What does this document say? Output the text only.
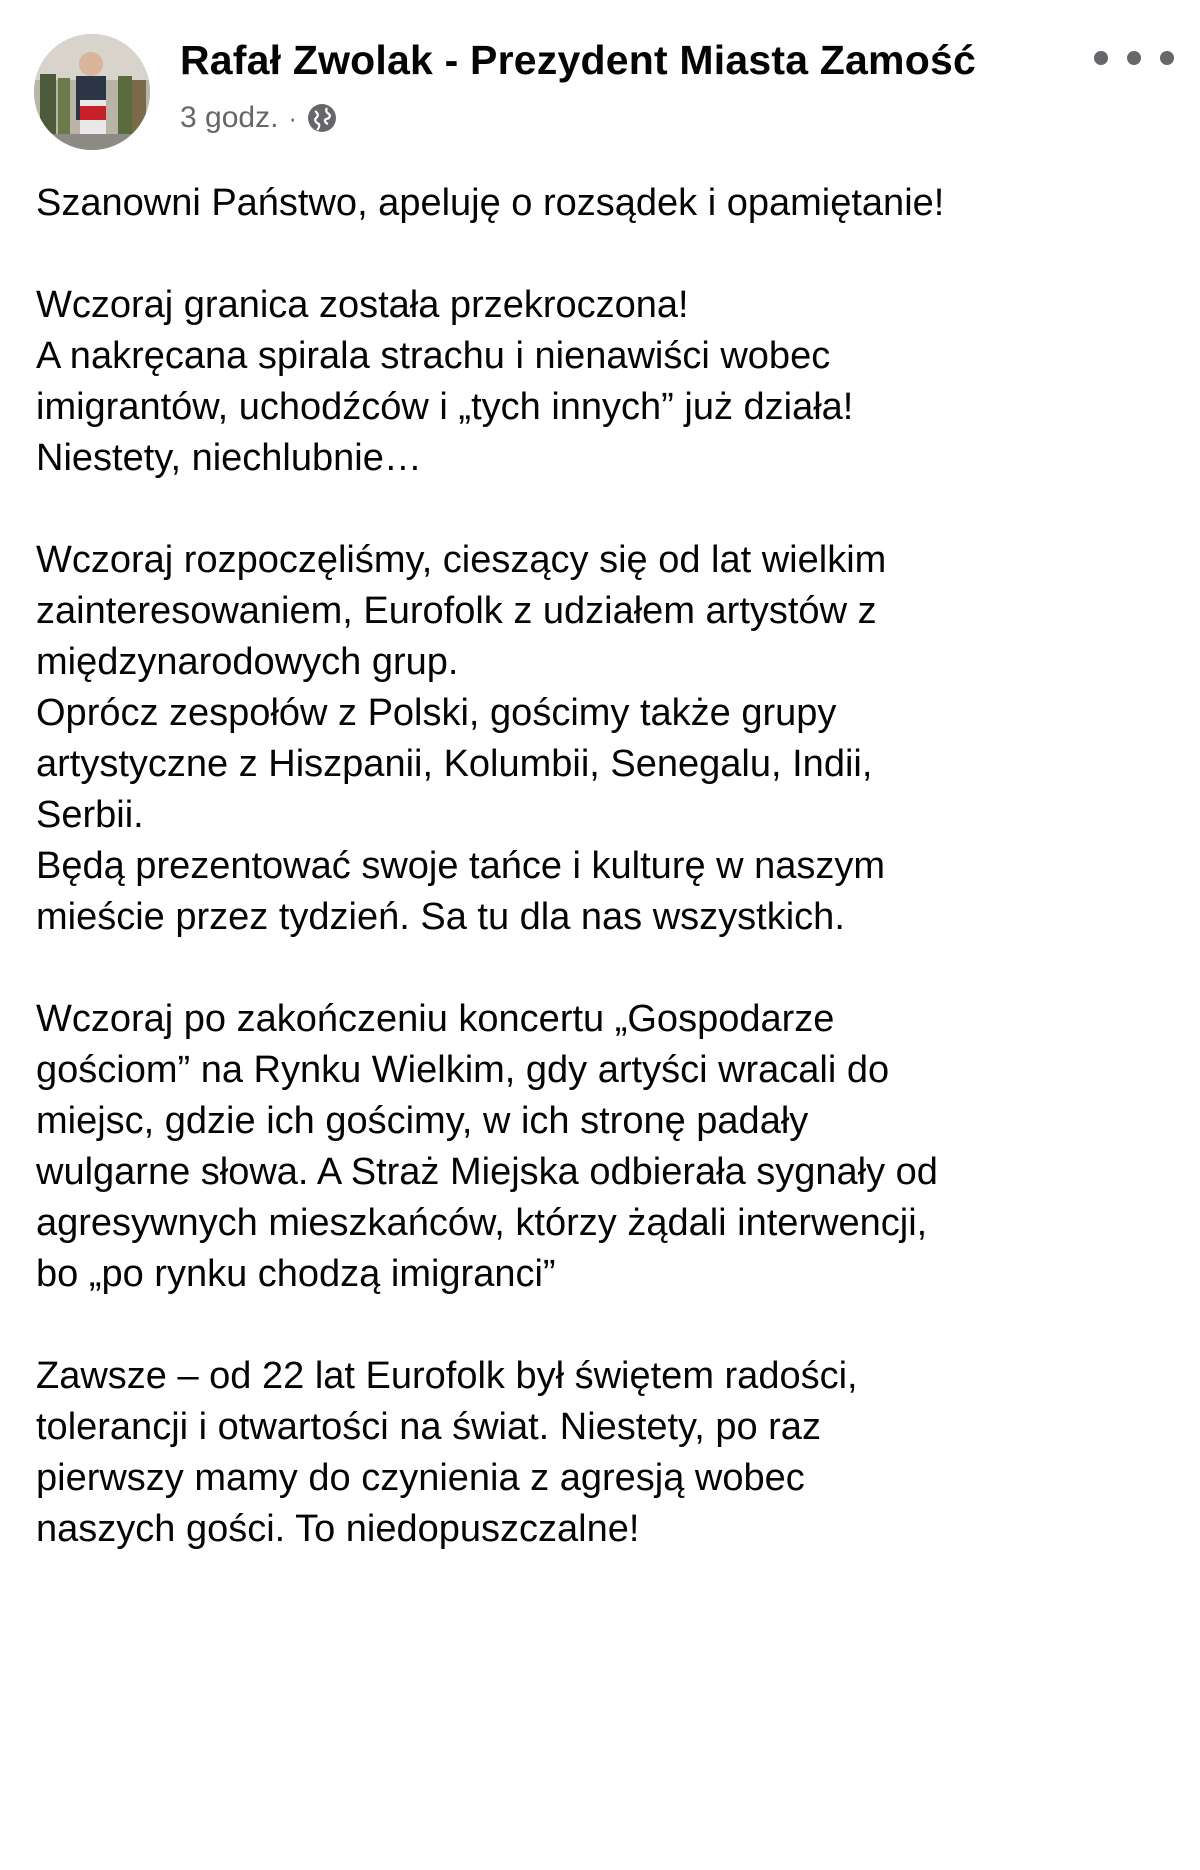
Rafał Zwolak - Prezydent Miasta Zamość
3 godz. ·

Szanowni Państwo, apeluję o rozsądek i opamiętanie!

Wczoraj granica została przekroczona!
A nakręcana spirala strachu i nienawiści wobec
imigrantów, uchodźców i „tych innych” już działa!
Niestety, niechlubnie…

Wczoraj rozpoczęliśmy, cieszący się od lat wielkim
zainteresowaniem, Eurofolk z udziałem artystów z
międzynarodowych grup.
Oprócz zespołów z Polski, gościmy także grupy
artystyczne z Hiszpanii, Kolumbii, Senegalu, Indii,
Serbii.
Będą prezentować swoje tańce i kulturę w naszym
mieście przez tydzień. Sa tu dla nas wszystkich.

Wczoraj po zakończeniu koncertu „Gospodarze
gościom” na Rynku Wielkim, gdy artyści wracali do
miejsc, gdzie ich gościmy, w ich stronę padały
wulgarne słowa. A Straż Miejska odbierała sygnały od
agresywnych mieszkańców, którzy żądali interwencji,
bo „po rynku chodzą imigranci”

Zawsze – od 22 lat Eurofolk był świętem radości,
tolerancji i otwartości na świat. Niestety, po raz
pierwszy mamy do czynienia z agresją wobec
naszych gości. To niedopuszczalne!
